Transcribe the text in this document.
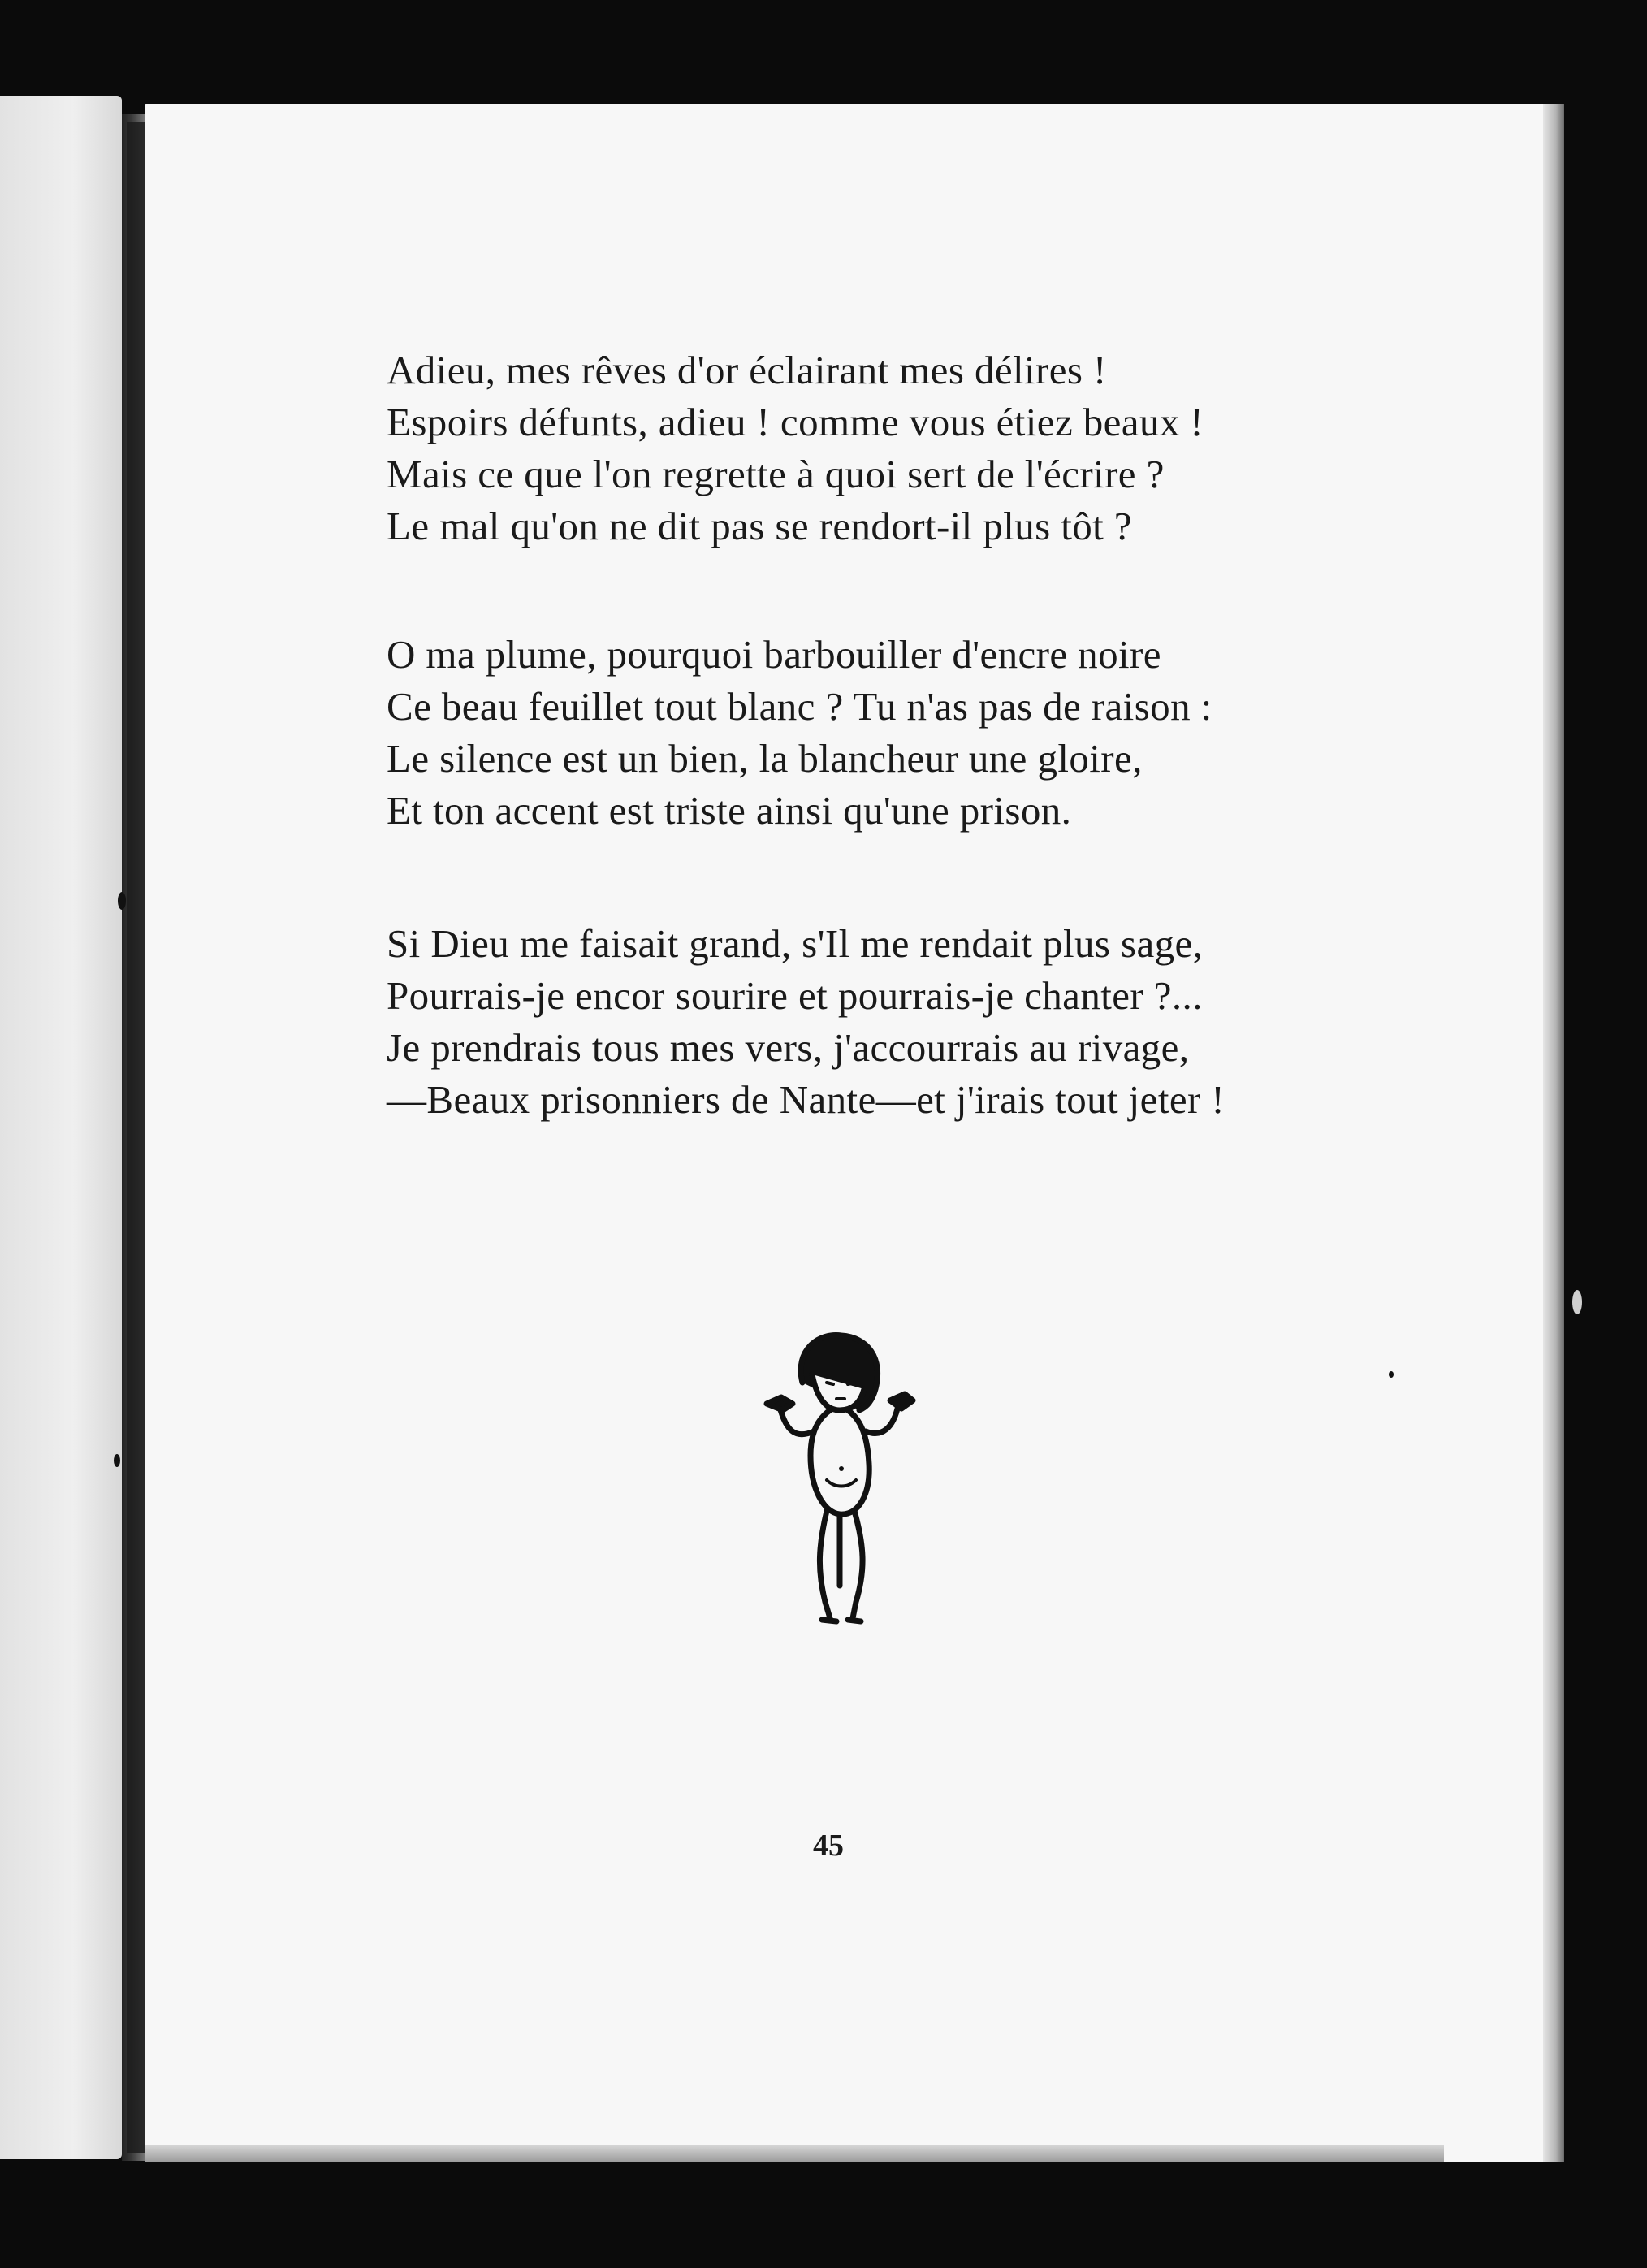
Adieu, mes rêves d'or éclairant mes délires !
Espoirs défunts, adieu ! comme vous étiez beaux !
Mais ce que l'on regrette à quoi sert de l'écrire ?
Le mal qu'on ne dit pas se rendort-il plus tôt ?
O ma plume, pourquoi barbouiller d'encre noire
Ce beau feuillet tout blanc ? Tu n'as pas de raison :
Le silence est un bien, la blancheur une gloire,
Et ton accent est triste ainsi qu'une prison.
Si Dieu me faisait grand, s'Il me rendait plus sage,
Pourrais-je encor sourire et pourrais-je chanter ?...
Je prendrais tous mes vers, j'accourrais au rivage,
—Beaux prisonniers de Nante—et j'irais tout jeter !
45
